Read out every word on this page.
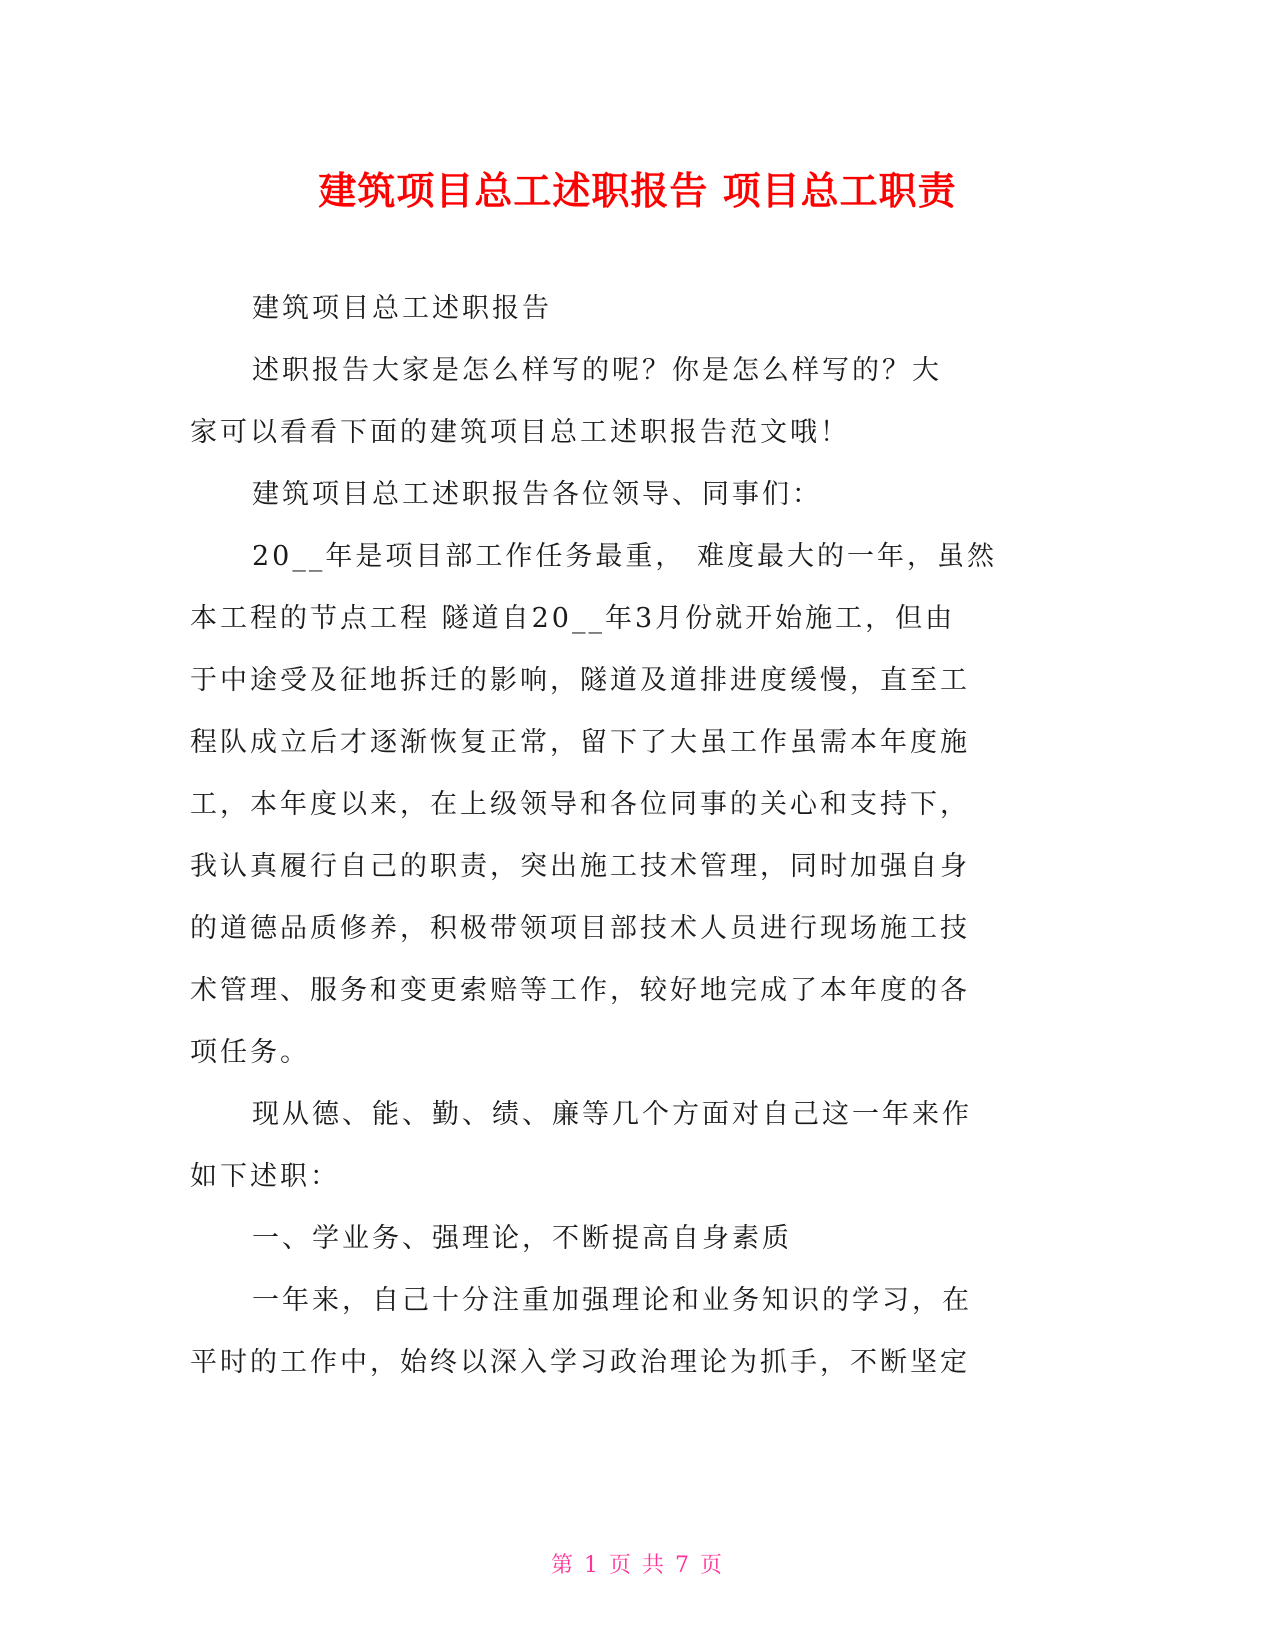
建筑项目总工述职报告 项目总工职责
建筑项目总工述职报告
述职报告大家是怎么样写的呢？你是怎么样写的？大
家可以看看下面的建筑项目总工述职报告范文哦！
建筑项目总工述职报告各位领导、同事们：
20__年是项目部工作任务最重， 难度最大的一年，虽然
本工程的节点工程 隧道自20__年3月份就开始施工，但由
于中途受及征地拆迁的影响，隧道及道排进度缓慢，直至工
程队成立后才逐渐恢复正常，留下了大虽工作虽需本年度施
工，本年度以来，在上级领导和各位同事的关心和支持下，
我认真履行自己的职责，突出施工技术管理，同时加强自身
的道德品质修养，积极带领项目部技术人员进行现场施工技
术管理、服务和变更索赔等工作，较好地完成了本年度的各
项任务。
现从德、能、勤、绩、廉等几个方面对自己这一年来作
如下述职：
一、学业务、强理论，不断提高自身素质
一年来，自己十分注重加强理论和业务知识的学习，在
平时的工作中，始终以深入学习政治理论为抓手，不断坚定
第 1 页 共 7 页
